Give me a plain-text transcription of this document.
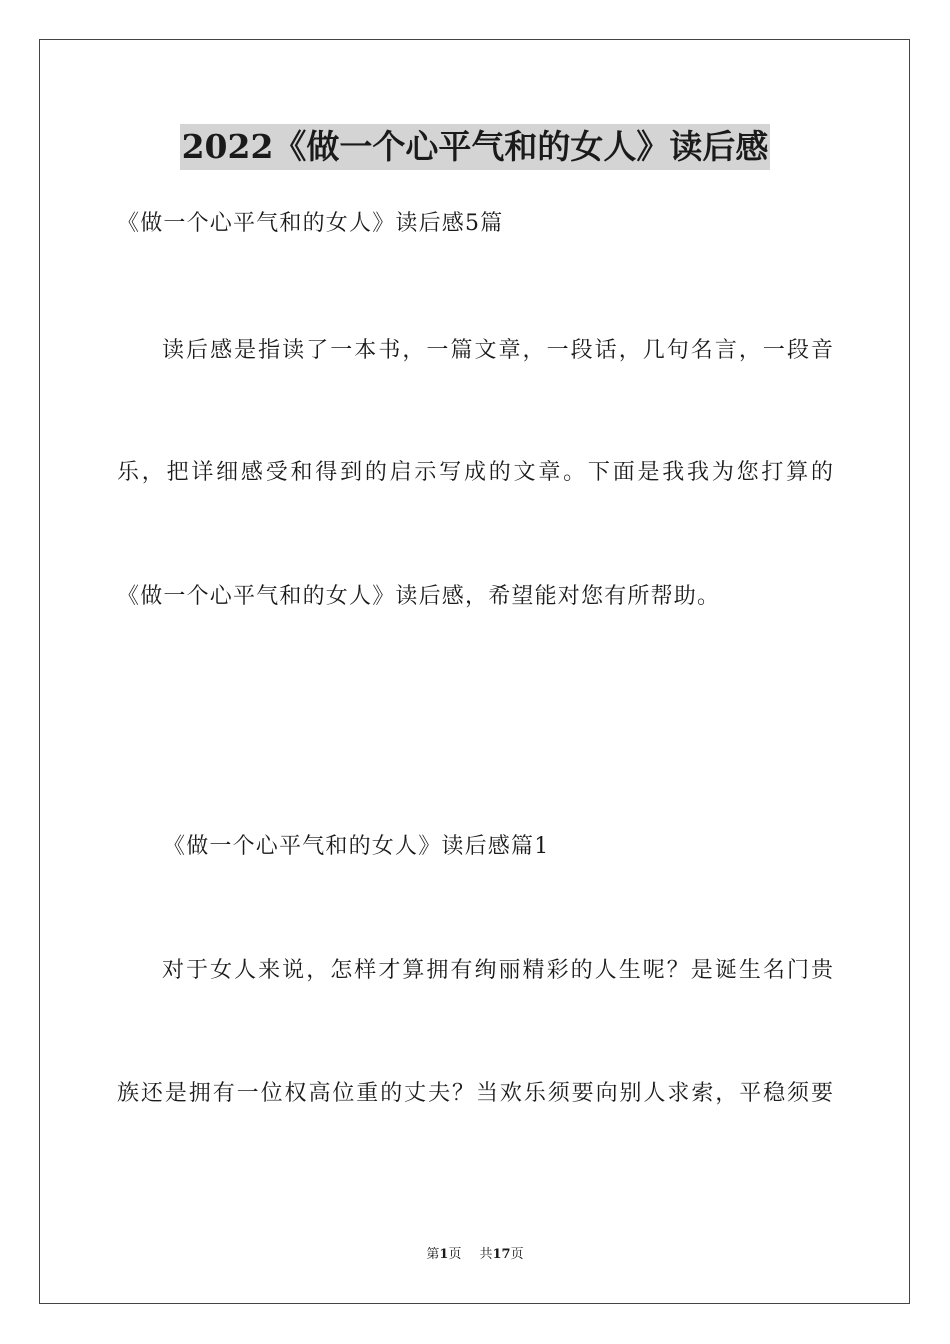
2022《做一个心平气和的女人》读后感
《做一个心平气和的女人》读后感5篇
读后感是指读了一本书，一篇文章，一段话，几句名言，一段音
乐，把详细感受和得到的启示写成的文章。下面是我我为您打算的
《做一个心平气和的女人》读后感，希望能对您有所帮助。
《做一个心平气和的女人》读后感篇1
对于女人来说，怎样才算拥有绚丽精彩的人生呢？是诞生名门贵
族还是拥有一位权高位重的丈夫？当欢乐须要向别人求索，平稳须要
第1页 共17页
